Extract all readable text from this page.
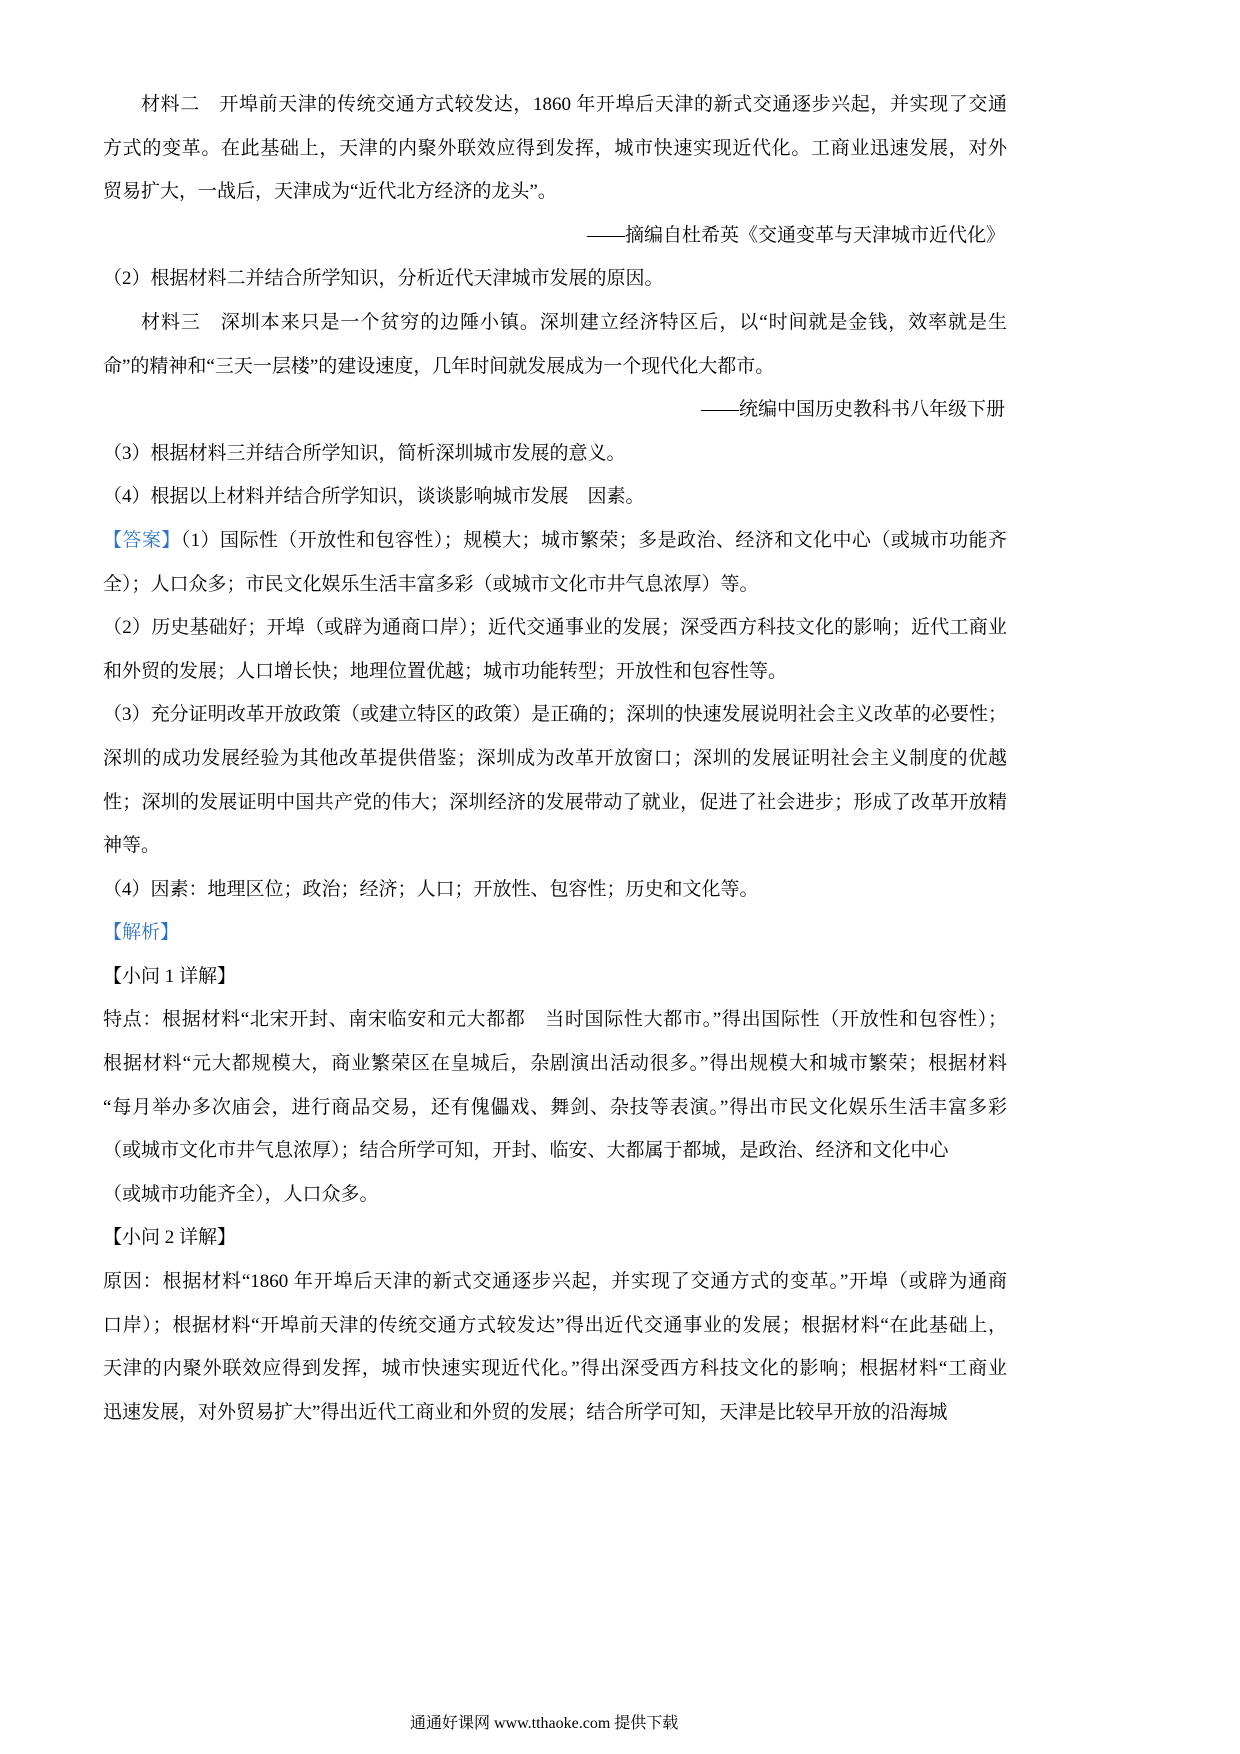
材料二　开埠前天津的传统交通方式较发达，1860 年开埠后天津的新式交通逐步兴起，并实现了交通
方式的变革。在此基础上，天津的内聚外联效应得到发挥，城市快速实现近代化。工商业迅速发展，对外
贸易扩大，一战后，天津成为“近代北方经济的龙头”。
——摘编自杜希英《交通变革与天津城市近代化》
（2）根据材料二并结合所学知识，分析近代天津城市发展的原因。
材料三　深圳本来只是一个贫穷的边陲小镇。深圳建立经济特区后，以“时间就是金钱，效率就是生
命”的精神和“三天一层楼”的建设速度，几年时间就发展成为一个现代化大都市。
——统编中国历史教科书八年级下册
（3）根据材料三并结合所学知识，简析深圳城市发展的意义。
（4）根据以上材料并结合所学知识，谈谈影响城市发展　因素。
【答案】（1）国际性（开放性和包容性）；规模大；城市繁荣；多是政治、经济和文化中心（或城市功能齐
全）；人口众多；市民文化娱乐生活丰富多彩（或城市文化市井气息浓厚）等。
（2）历史基础好；开埠（或辟为通商口岸）；近代交通事业的发展；深受西方科技文化的影响；近代工商业
和外贸的发展；人口增长快；地理位置优越；城市功能转型；开放性和包容性等。
（3）充分证明改革开放政策（或建立特区的政策）是正确的；深圳的快速发展说明社会主义改革的必要性；
深圳的成功发展经验为其他改革提供借鉴；深圳成为改革开放窗口；深圳的发展证明社会主义制度的优越
性；深圳的发展证明中国共产党的伟大；深圳经济的发展带动了就业，促进了社会进步；形成了改革开放精
神等。
（4）因素：地理区位；政治；经济；人口；开放性、包容性；历史和文化等。
【解析】
【小问 1 详解】
特点：根据材料“北宋开封、南宋临安和元大都都　当时国际性大都市。”得出国际性（开放性和包容性）；
根据材料“元大都规模大，商业繁荣区在皇城后，杂剧演出活动很多。”得出规模大和城市繁荣；根据材料
“每月举办多次庙会，进行商品交易，还有傀儡戏、舞剑、杂技等表演。”得出市民文化娱乐生活丰富多彩
（或城市文化市井气息浓厚）；结合所学可知，开封、临安、大都属于都城，是政治、经济和文化中心
（或城市功能齐全），人口众多。
【小问 2 详解】
原因：根据材料“1860 年开埠后天津的新式交通逐步兴起，并实现了交通方式的变革。”开埠（或辟为通商
口岸）；根据材料“开埠前天津的传统交通方式较发达”得出近代交通事业的发展；根据材料“在此基础上，
天津的内聚外联效应得到发挥，城市快速实现近代化。”得出深受西方科技文化的影响；根据材料“工商业
迅速发展，对外贸易扩大”得出近代工商业和外贸的发展；结合所学可知，天津是比较早开放的沿海城
通通好课网 www.tthaoke.com 提供下载
